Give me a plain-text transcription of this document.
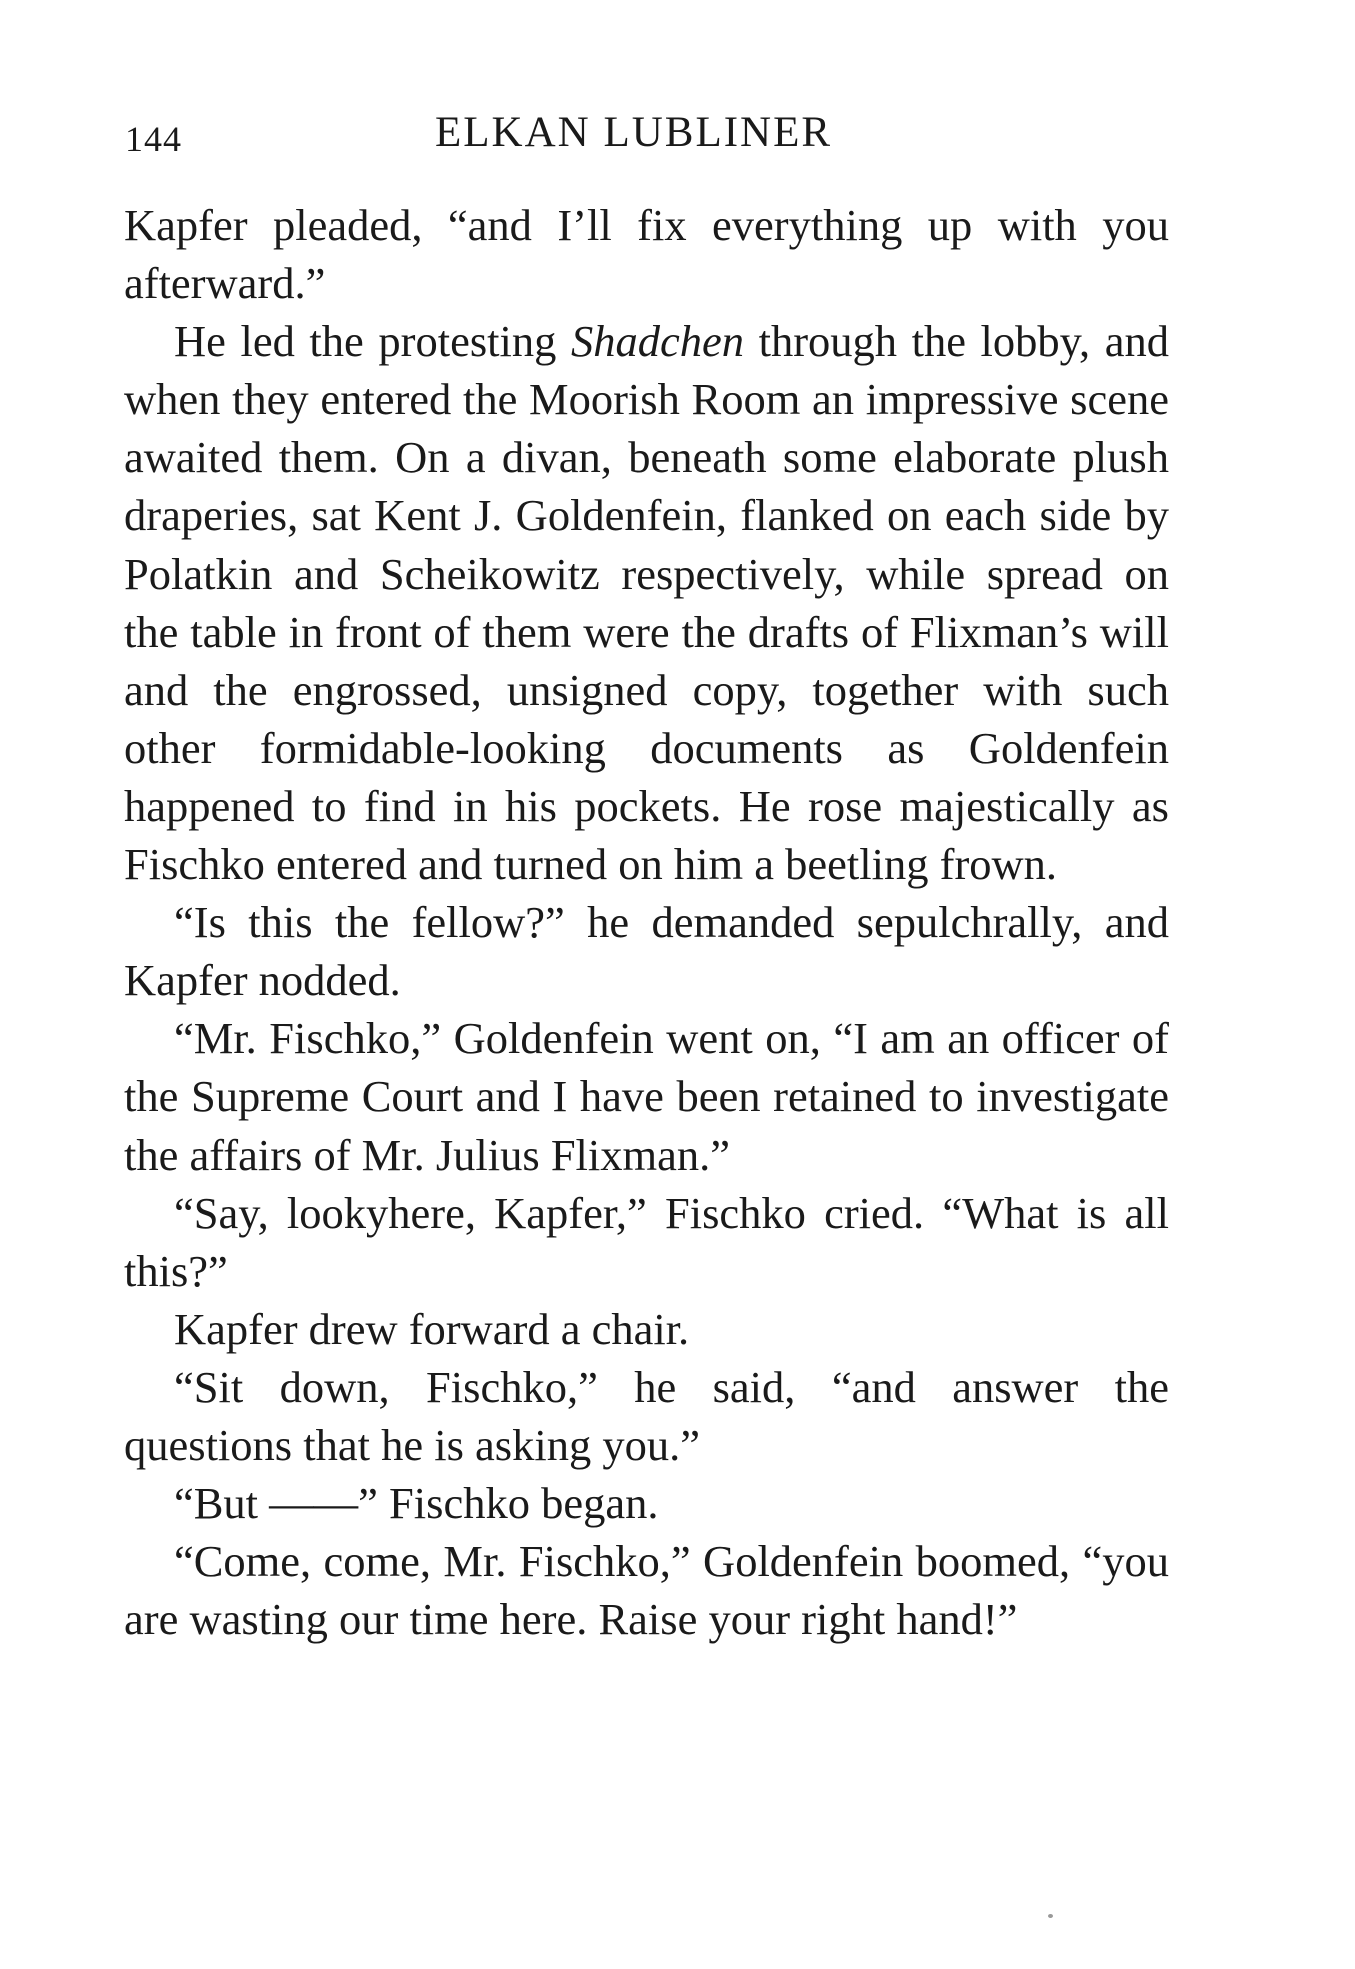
144	ELKAN LUBLINER

Kapfer pleaded, “and I’ll fix everything up with you afterward.”

He led the protesting Shadchen through the lobby, and when they entered the Moorish Room an impressive scene awaited them. On a divan, beneath some elaborate plush draperies, sat Kent J. Goldenfein, flanked on each side by Polatkin and Scheikowitz respectively, while spread on the table in front of them were the drafts of Flixman’s will and the engrossed, unsigned copy, together with such other formidable-looking documents as Goldenfein happened to find in his pockets. He rose majestically as Fischko entered and turned on him a beetling frown.

“Is this the fellow?” he demanded sepulchrally, and Kapfer nodded.

“Mr. Fischko,” Goldenfein went on, “I am an officer of the Supreme Court and I have been retained to investigate the affairs of Mr. Julius Flixman.”

“Say, lookyhere, Kapfer,” Fischko cried. “What is all this?”

Kapfer drew forward a chair.

“Sit down, Fischko,” he said, “and answer the questions that he is asking you.”

“But ——” Fischko began.

“Come, come, Mr. Fischko,” Goldenfein boomed, “you are wasting our time here. Raise your right hand!”
